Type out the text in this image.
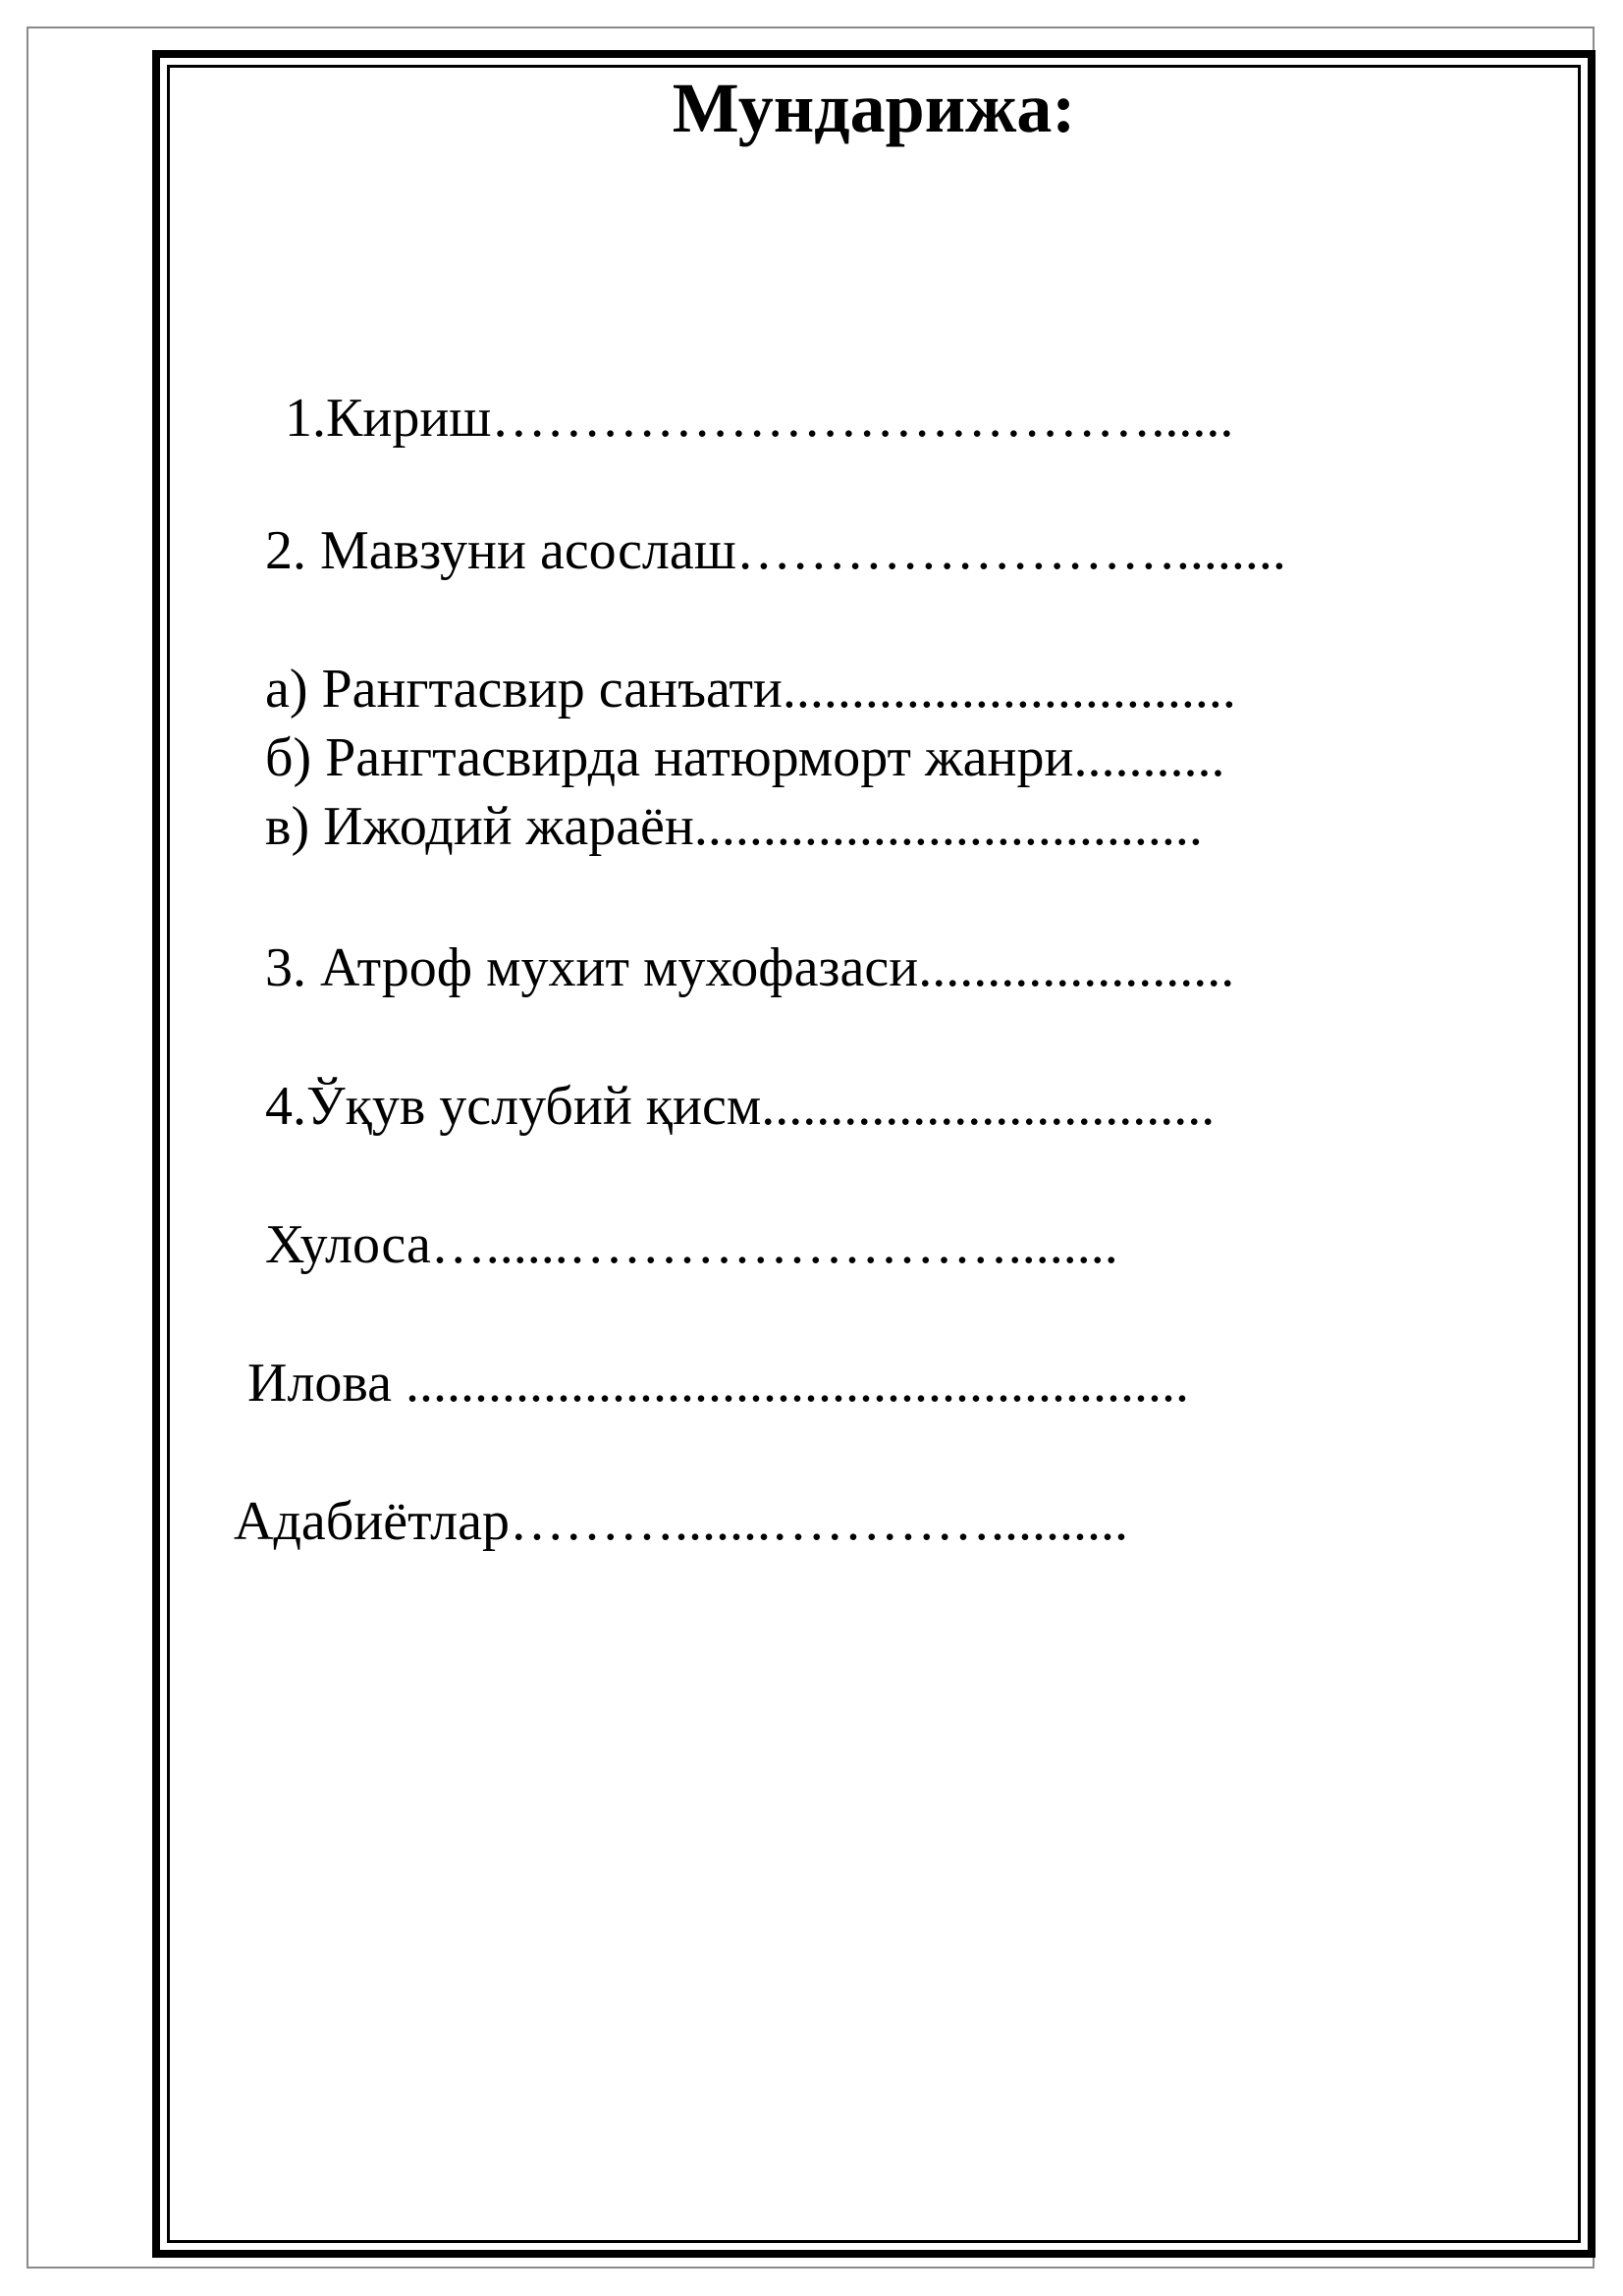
Мундарижа:

1.Кириш………………………………......

2. Мавзуни асослаш……………………........

а) Рангтасвир санъати.................................

б) Рангтасвирда натюрморт жанри...........

в) Ижодий жараён.....................................

3. Атроф мухит мухофазаси.......................

4.Ўқув услубий қисм.................................

Хулоса…......……………………........

Илова .........................................................

Адабиётлар……….......…………..........
